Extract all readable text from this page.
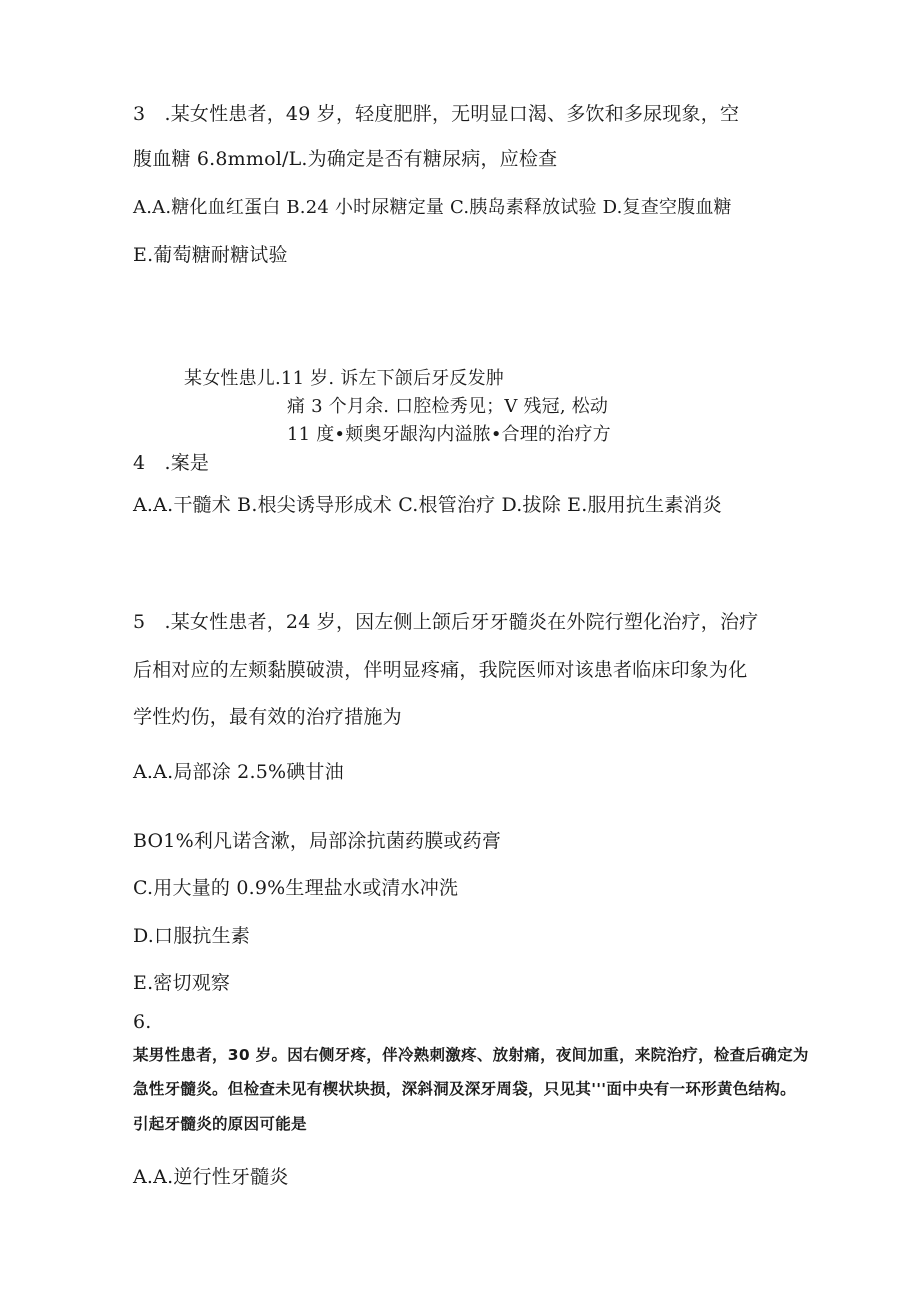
3　.某女性患者，49 岁，轻度肥胖，无明显口渴、多饮和多尿现象，空
腹血糖 6.8mmol/L.为确定是否有糖尿病，应检查
A.A.糖化血红蛋白 B.24 小时尿糖定量 C.胰岛素释放试验 D.复查空腹血糖
E.葡萄糖耐糖试验
某女性患儿.11 岁. 诉左下颌后牙反发肿
痛 3 个月余. 口腔检秀见；V 残冠, 松动
11 度•颊奥牙龈沟内溢脓•合理的治疗方
4　.案是
A.A.干髓术 B.根尖诱导形成术 C.根管治疗 D.拔除 E.服用抗生素消炎
5　.某女性患者，24 岁，因左侧上颌后牙牙髓炎在外院行塑化治疗，治疗
后相对应的左颊黏膜破溃，伴明显疼痛，我院医师对该患者临床印象为化
学性灼伤，最有效的治疗措施为
A.A.局部涂 2.5%碘甘油
BO1%利凡诺含漱，局部涂抗菌药膜或药膏
C.用大量的 0.9%生理盐水或清水冲洗
D.口服抗生素
E.密切观察
6.
某男性患者，30 岁。因右侧牙疼，伴冷熟刺激疼、放射痛，夜间加重，来院治疗，检查后确定为
急性牙髓炎。但检查未见有楔状块损，深斜洞及深牙周袋，只见其'''面中央有一环形黄色结构。
引起牙髓炎的原因可能是
A.A.逆行性牙髓炎
